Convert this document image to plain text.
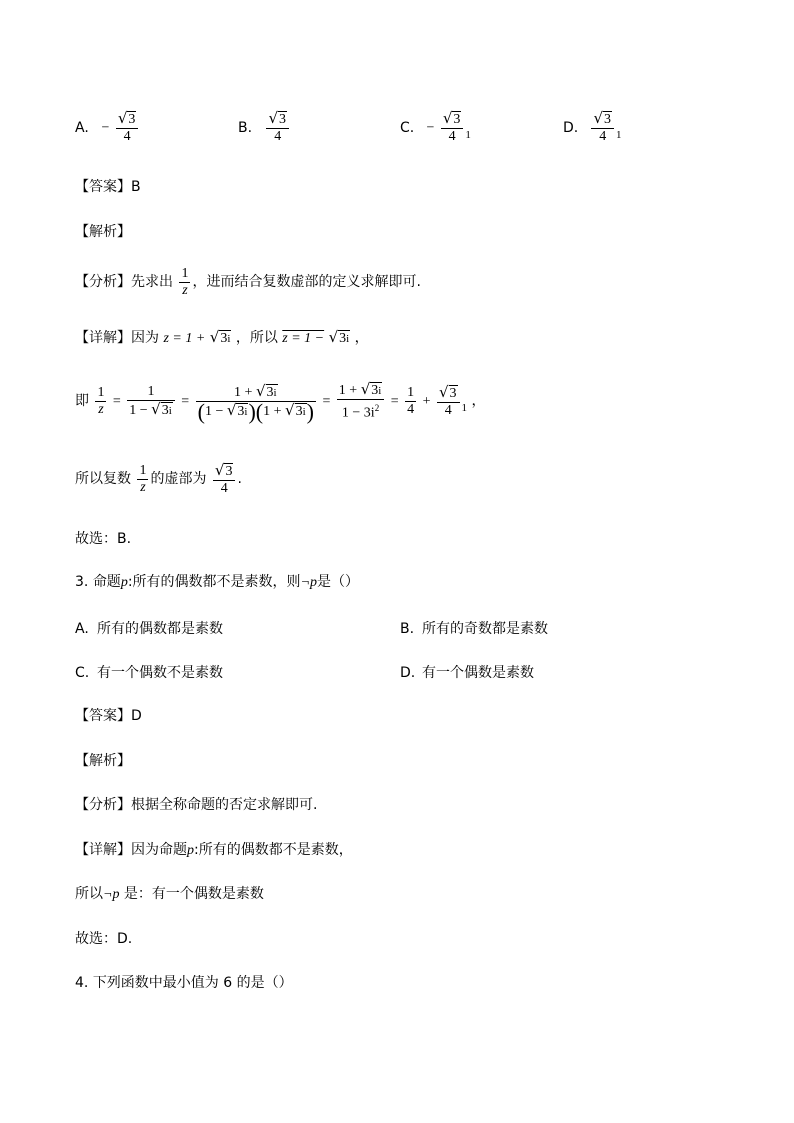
A. − $\frac{√3}{4}$	B. $\frac{√3}{4}$	C. − $\frac{√3}{4} _1$	D. $\frac{√3}{4} _1$
【答案】B
【解析】
【分析】先求出 $\frac{1}{z}$ ，进而结合复数虚部的定义求解即可.
【详解】因为 z = 1 + √3i ，所以 z = 1 − √3i ，
即 $\frac{1}{z} = \frac{1}{1 - √3i} = \frac{1 + √3i}{(1 - √3i)(1 + √3i)} = \frac{1 + √3i}{1 - 3i^2} = \frac{1}{4} + \frac{√3}{4} _1$ ，
所以复数 $\frac{1}{z}$ 的虚部为 $\frac{√3}{4}$ .
故选：B.
3. 命题p:所有的偶数都不是素数，则¬p是（）
A. 所有的偶数都是素数	B. 所有的奇数都是素数
C. 有一个偶数不是素数	D. 有一个偶数是素数
【答案】D
【解析】
【分析】根据全称命题的否定求解即可.
【详解】因为命题p:所有的偶数都不是素数，
所以¬p 是：有一个偶数是素数
故选：D.
4. 下列函数中最小值为 6 的是（）
